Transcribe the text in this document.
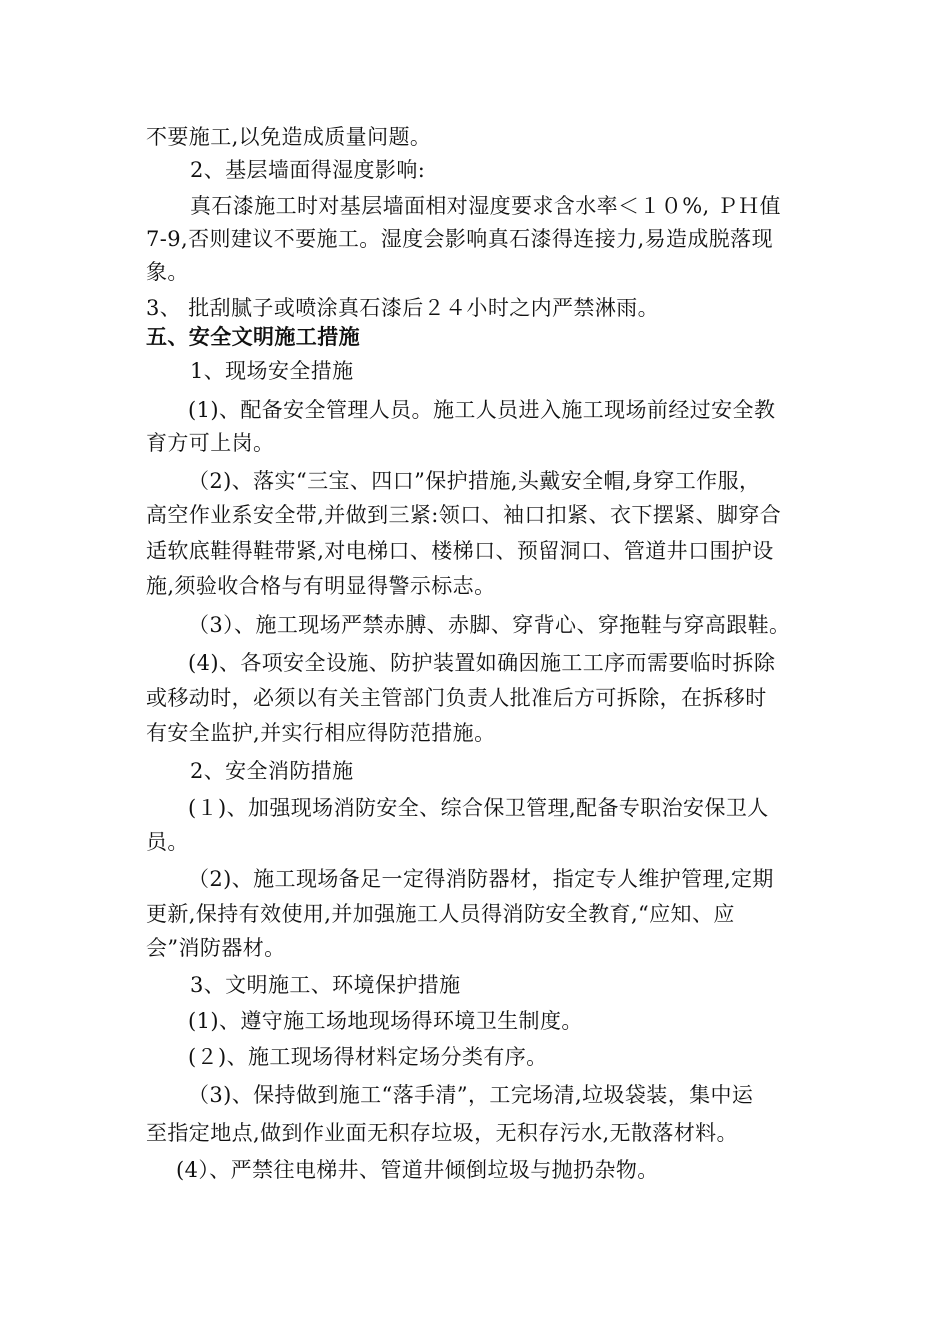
不要施工,以免造成质量问题。
2、基层墙面得湿度影响:
真石漆施工时对基层墙面相对湿度要求含水率＜１０%, ＰＨ值
7-9,否则建议不要施工。湿度会影响真石漆得连接力,易造成脱落现
象。
3、 批刮腻子或喷涂真石漆后２４小时之内严禁淋雨。
五、安全文明施工措施
1、现场安全措施
(1)、配备安全管理人员。施工人员进入施工现场前经过安全教
育方可上岗。
（2)、落实“三宝、四口”保护措施,头戴安全帽,身穿工作服，
高空作业系安全带,并做到三紧:领口、袖口扣紧、衣下摆紧、脚穿合
适软底鞋得鞋带紧,对电梯口、楼梯口、预留洞口、管道井口围护设
施,须验收合格与有明显得警示标志。
（3）、施工现场严禁赤膊、赤脚、穿背心、穿拖鞋与穿高跟鞋。
(4)、各项安全设施、防护装置如确因施工工序而需要临时拆除
或移动时，必须以有关主管部门负责人批准后方可拆除，在拆移时
有安全监护,并实行相应得防范措施。
2、安全消防措施
(１)、加强现场消防安全、综合保卫管理,配备专职治安保卫人
员。
（2)、施工现场备足一定得消防器材，指定专人维护管理,定期
更新,保持有效使用,并加强施工人员得消防安全教育,“应知、应
会”消防器材。
3、文明施工、环境保护措施
(1)、遵守施工场地现场得环境卫生制度。
(２)、施工现场得材料定场分类有序。
（3)、保持做到施工“落手清”，工完场清,垃圾袋装，集中运
至指定地点,做到作业面无积存垃圾，无积存污水,无散落材料。
(4）、严禁往电梯井、管道井倾倒垃圾与抛扔杂物。
